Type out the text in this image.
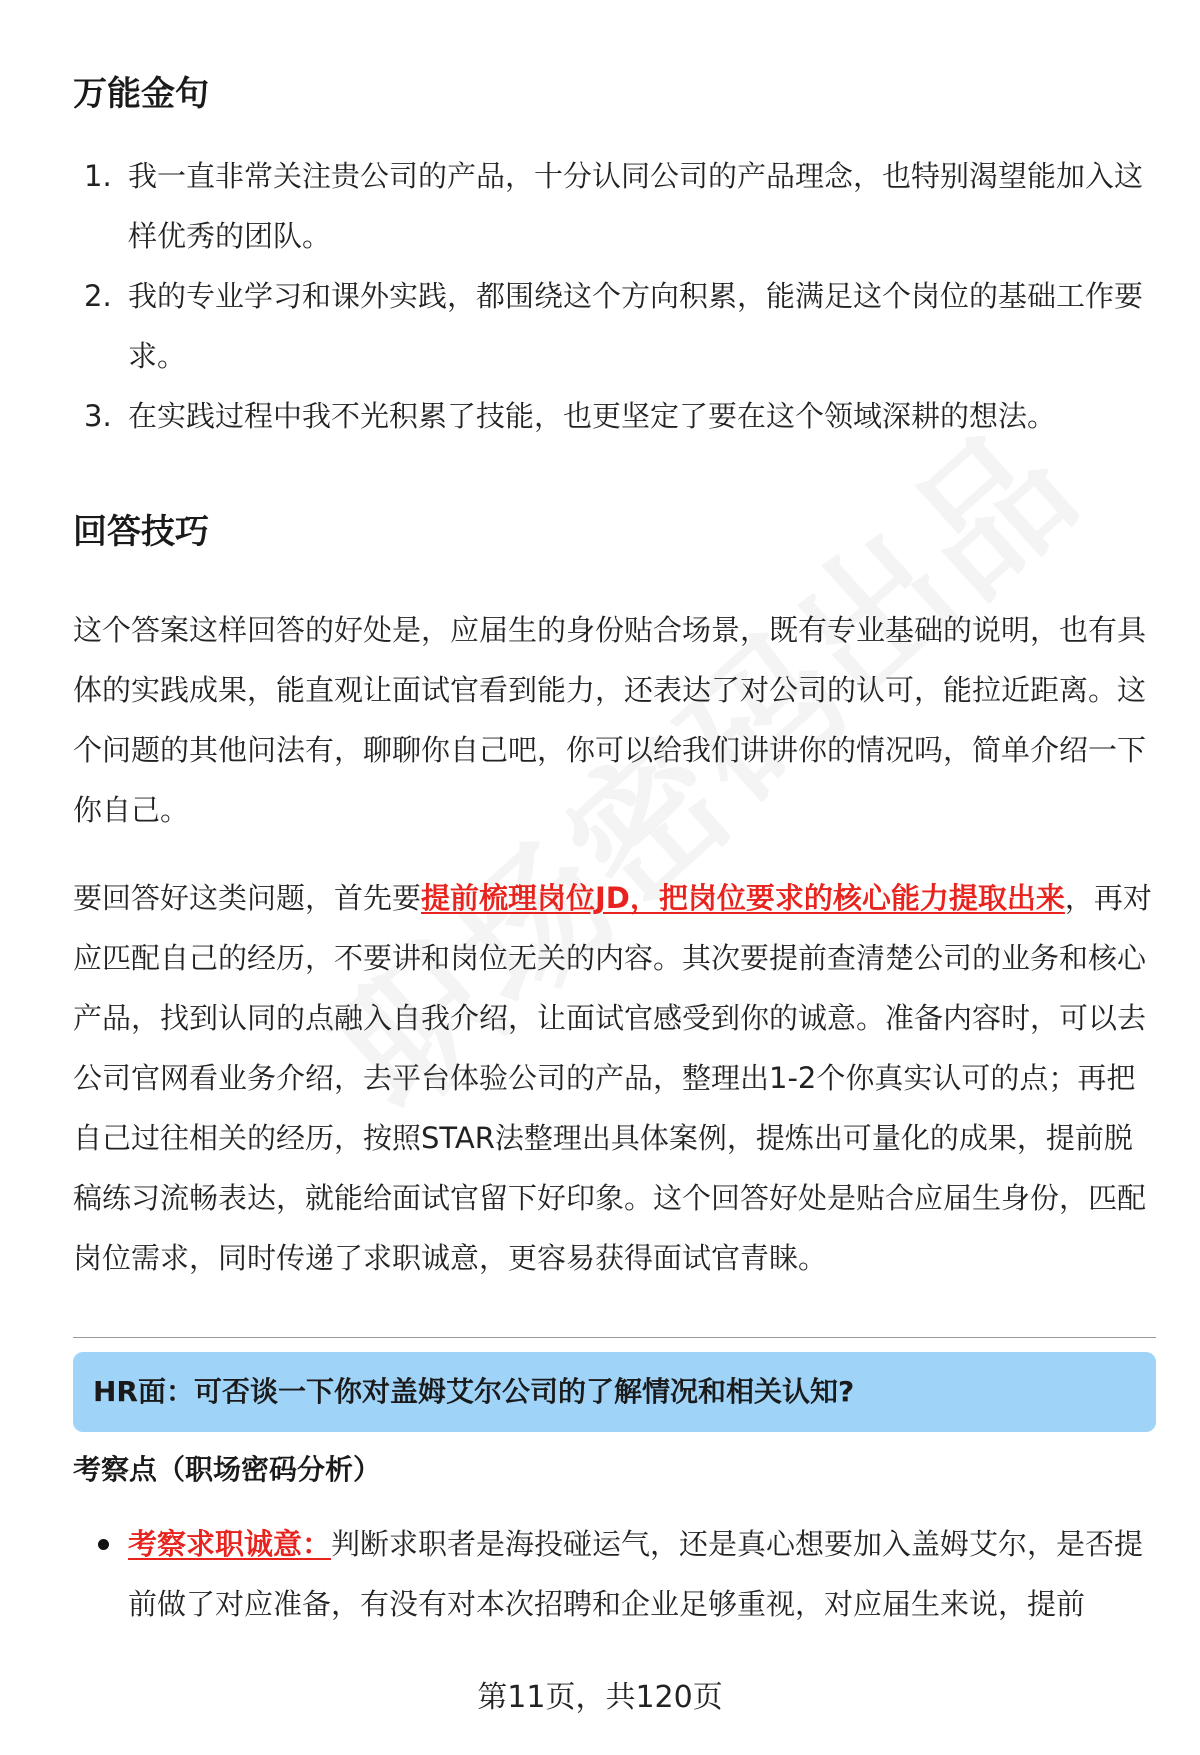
万能金句
1. 我一直非常关注贵公司的产品，十分认同公司的产品理念，也特别渴望能加入这样优秀的团队。
2. 我的专业学习和课外实践，都围绕这个方向积累，能满足这个岗位的基础工作要求。
3. 在实践过程中我不光积累了技能，也更坚定了要在这个领域深耕的想法。
回答技巧

这个答案这样回答的好处是，应届生的身份贴合场景，既有专业基础的说明，也有具体的实践成果，能直观让面试官看到能力，还表达了对公司的认可，能拉近距离。这个问题的其他问法有，聊聊你自己吧，你可以给我们讲讲你的情况吗，简单介绍一下你自己。

要回答好这类问题，首先要提前梳理岗位JD，把岗位要求的核心能力提取出来，再对应匹配自己的经历，不要讲和岗位无关的内容。其次要提前查清楚公司的业务和核心产品，找到认同的点融入自我介绍，让面试官感受到你的诚意。准备内容时，可以去公司官网看业务介绍，去平台体验公司的产品，整理出1-2个你真实认可的点；再把自己过往相关的经历，按照STAR法整理出具体案例，提炼出可量化的成果，提前脱稿练习流畅表达，就能给面试官留下好印象。这个回答好处是贴合应届生身份，匹配岗位需求，同时传递了求职诚意，更容易获得面试官青睐。

HR面：可否谈一下你对盖姆艾尔公司的了解情况和相关认知?
考察点（职场密码分析）
考察求职诚意：判断求职者是海投碰运气，还是真心想要加入盖姆艾尔，是否提前做了对应准备，有没有对本次招聘和企业足够重视，对应届生来说，提前
第11页，共120页
